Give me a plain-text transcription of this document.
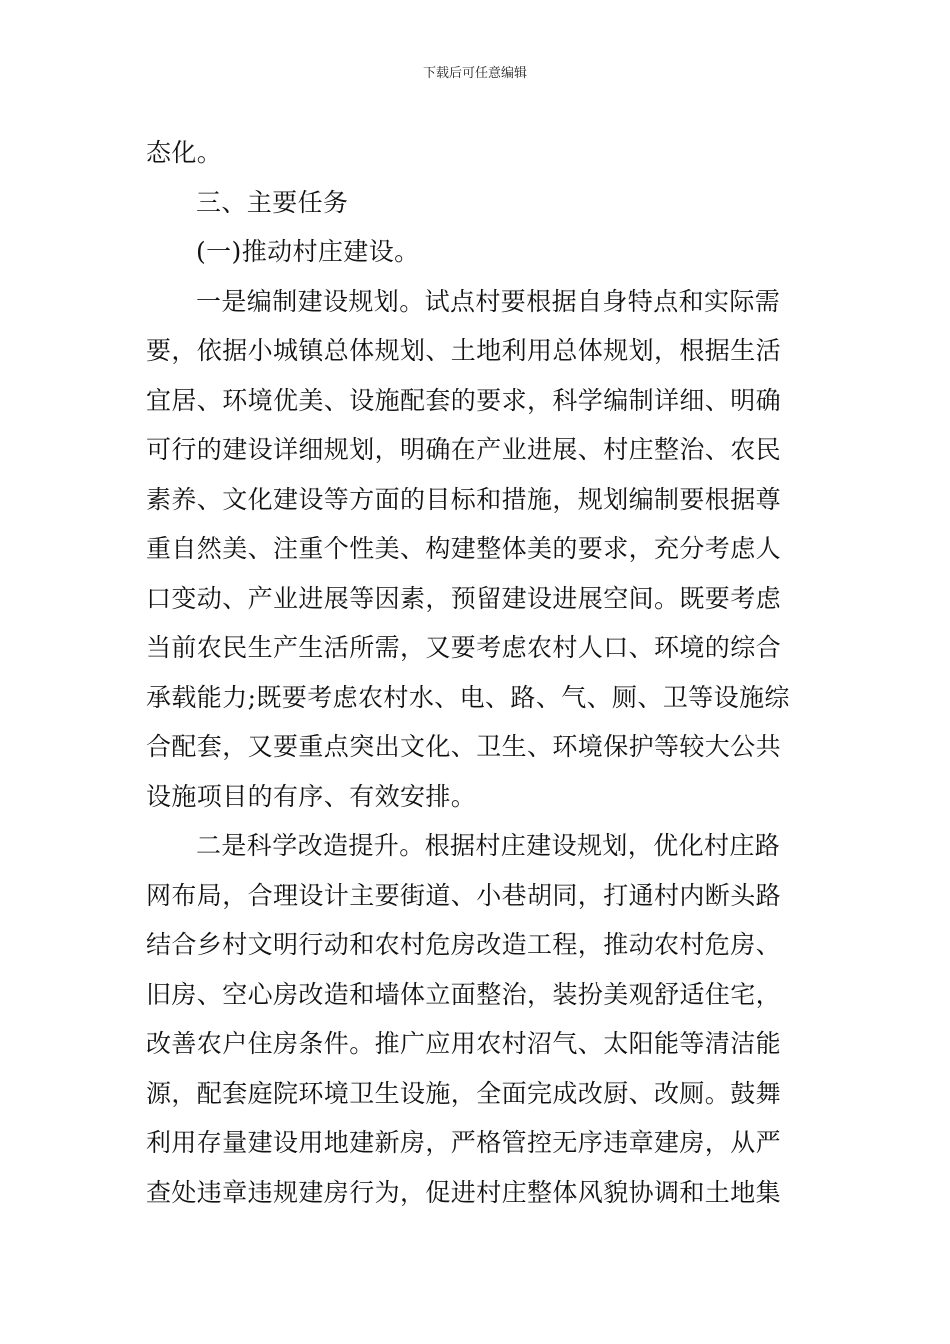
下载后可任意编辑
态化。
三、主要任务
(一)推动村庄建设。
一是编制建设规划。试点村要根据自身特点和实际需
要，依据小城镇总体规划、土地利用总体规划，根据生活
宜居、环境优美、设施配套的要求，科学编制详细、明确
可行的建设详细规划，明确在产业进展、村庄整治、农民
素养、文化建设等方面的目标和措施，规划编制要根据尊
重自然美、注重个性美、构建整体美的要求，充分考虑人
口变动、产业进展等因素，预留建设进展空间。既要考虑
当前农民生产生活所需，又要考虑农村人口、环境的综合
承载能力;既要考虑农村水、电、路、气、厕、卫等设施综
合配套，又要重点突出文化、卫生、环境保护等较大公共
设施项目的有序、有效安排。
二是科学改造提升。根据村庄建设规划，优化村庄路
网布局，合理设计主要街道、小巷胡同，打通村内断头路
结合乡村文明行动和农村危房改造工程，推动农村危房、
旧房、空心房改造和墙体立面整治，装扮美观舒适住宅，
改善农户住房条件。推广应用农村沼气、太阳能等清洁能
源，配套庭院环境卫生设施，全面完成改厨、改厕。鼓舞
利用存量建设用地建新房，严格管控无序违章建房，从严
查处违章违规建房行为，促进村庄整体风貌协调和土地集
